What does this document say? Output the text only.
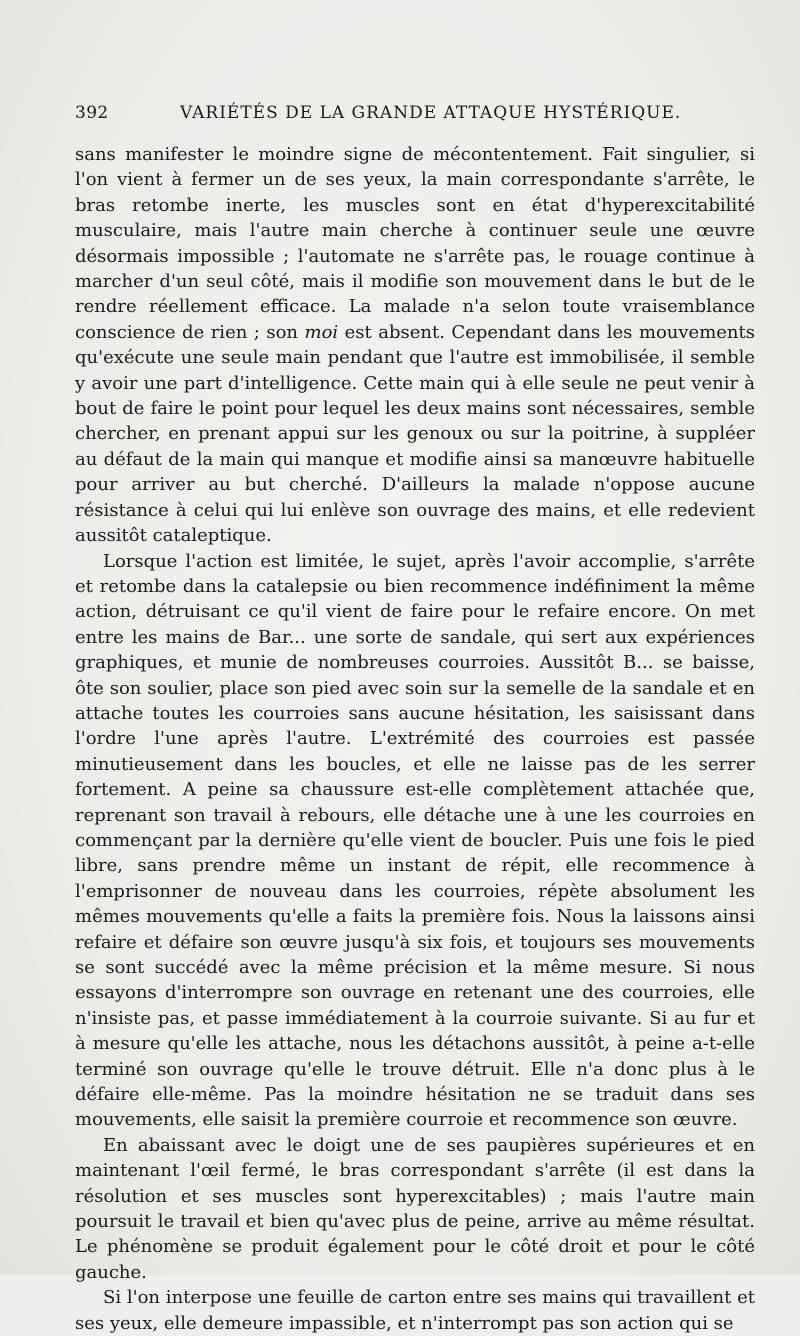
392	VARIÉTÉS DE LA GRANDE ATTAQUE HYSTÉRIQUE.

sans manifester le moindre signe de mécontentement. Fait singulier, si l'on vient à fermer un de ses yeux, la main correspondante s'arrête, le bras retombe inerte, les muscles sont en état d'hyperexcitabilité musculaire, mais l'autre main cherche à continuer seule une œuvre désormais impossible ; l'automate ne s'arrête pas, le rouage continue à marcher d'un seul côté, mais il modifie son mouvement dans le but de le rendre réellement efficace. La malade n'a selon toute vraisemblance conscience de rien ; son moi est absent. Cependant dans les mouvements qu'exécute une seule main pendant que l'autre est immobilisée, il semble y avoir une part d'intelligence. Cette main qui à elle seule ne peut venir à bout de faire le point pour lequel les deux mains sont nécessaires, semble chercher, en prenant appui sur les genoux ou sur la poitrine, à suppléer au défaut de la main qui manque et modifie ainsi sa manœuvre habituelle pour arriver au but cherché. D'ailleurs la malade n'oppose aucune résistance à celui qui lui enlève son ouvrage des mains, et elle redevient aussitôt cataleptique.

Lorsque l'action est limitée, le sujet, après l'avoir accomplie, s'arrête et retombe dans la catalepsie ou bien recommence indéfiniment la même action, détruisant ce qu'il vient de faire pour le refaire encore. On met entre les mains de Bar... une sorte de sandale, qui sert aux expériences graphiques, et munie de nombreuses courroies. Aussitôt B... se baisse, ôte son soulier, place son pied avec soin sur la semelle de la sandale et en attache toutes les courroies sans aucune hésitation, les saisissant dans l'ordre l'une après l'autre. L'extrémité des courroies est passée minutieusement dans les boucles, et elle ne laisse pas de les serrer fortement. A peine sa chaussure est-elle complètement attachée que, reprenant son travail à rebours, elle détache une à une les courroies en commençant par la dernière qu'elle vient de boucler. Puis une fois le pied libre, sans prendre même un instant de répit, elle recommence à l'emprisonner de nouveau dans les courroies, répète absolument les mêmes mouvements qu'elle a faits la première fois. Nous la laissons ainsi refaire et défaire son œuvre jusqu'à six fois, et toujours ses mouvements se sont succédé avec la même précision et la même mesure. Si nous essayons d'interrompre son ouvrage en retenant une des courroies, elle n'insiste pas, et passe immédiatement à la courroie suivante. Si au fur et à mesure qu'elle les attache, nous les détachons aussitôt, à peine a-t-elle terminé son ouvrage qu'elle le trouve détruit. Elle n'a donc plus à le défaire elle-même. Pas la moindre hésitation ne se traduit dans ses mouvements, elle saisit la première courroie et recommence son œuvre.

En abaissant avec le doigt une de ses paupières supérieures et en maintenant l'œil fermé, le bras correspondant s'arrête (il est dans la résolution et ses muscles sont hyperexcitables) ; mais l'autre main poursuit le travail et bien qu'avec plus de peine, arrive au même résultat. Le phénomène se produit également pour le côté droit et pour le côté gauche.

Si l'on interpose une feuille de carton entre ses mains qui travaillent et ses yeux, elle demeure impassible, et n'interrompt pas son action qui se
